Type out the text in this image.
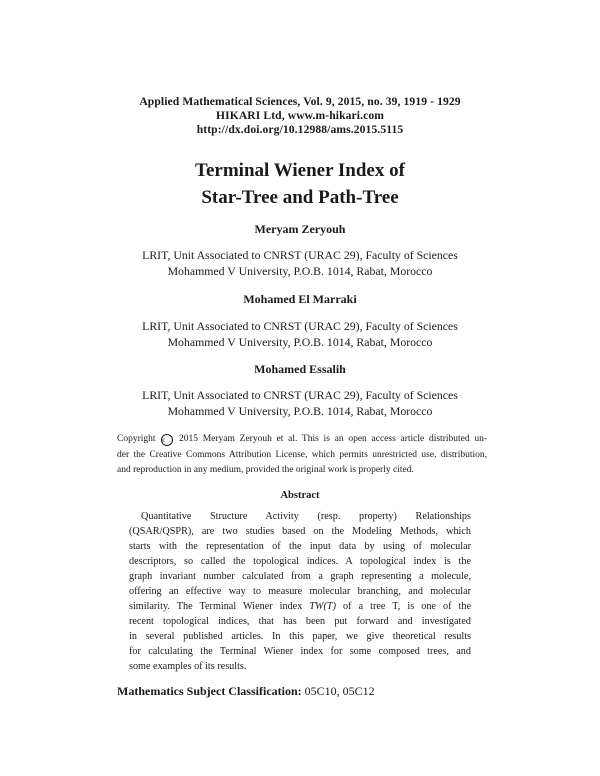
Applied Mathematical Sciences, Vol. 9, 2015, no. 39, 1919 - 1929
HIKARI Ltd, www.m-hikari.com
http://dx.doi.org/10.12988/ams.2015.5115
Terminal Wiener Index of
Star-Tree and Path-Tree
Meryam Zeryouh
LRIT, Unit Associated to CNRST (URAC 29), Faculty of Sciences
Mohammed V University, P.O.B. 1014, Rabat, Morocco
Mohamed El Marraki
LRIT, Unit Associated to CNRST (URAC 29), Faculty of Sciences
Mohammed V University, P.O.B. 1014, Rabat, Morocco
Mohamed Essalih
LRIT, Unit Associated to CNRST (URAC 29), Faculty of Sciences
Mohammed V University, P.O.B. 1014, Rabat, Morocco
Copyright c 2015 Meryam Zeryouh et al. This is an open access article distributed un-
der the Creative Commons Attribution License, which permits unrestricted use, distribution,
and reproduction in any medium, provided the original work is properly cited.
Abstract
Quantitative Structure Activity (resp. property) Relationships
(QSAR/QSPR), are two studies based on the Modeling Methods, which
starts with the representation of the input data by using of molecular
descriptors, so called the topological indices. A topological index is the
graph invariant number calculated from a graph representing a molecule,
offering an effective way to measure molecular branching, and molecular
similarity. The Terminal Wiener index TW(T) of a tree T, is one of the
recent topological indices, that has been put forward and investigated
in several published articles. In this paper, we give theoretical results
for calculating the Terminal Wiener index for some composed trees, and
some examples of its results.
Mathematics Subject Classification: 05C10, 05C12
